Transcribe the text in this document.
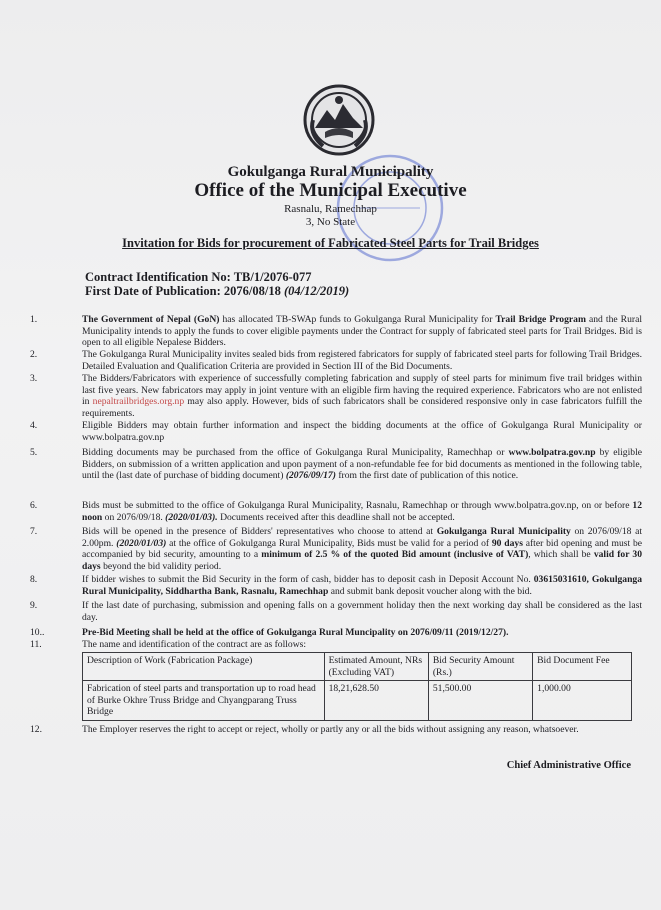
Gokulganga Rural Municipality
Office of the Municipal Executive
Rasnalu, Ramechhap
3, No State
Invitation for Bids for procurement of Fabricated Steel Parts for Trail Bridges
Contract Identification No: TB/1/2076-077
First Date of Publication: 2076/08/18 (04/12/2019)
1.	The Government of Nepal (GoN) has allocated TB-SWAp funds to Gokulganga Rural Municipality for Trail Bridge Program and the Rural Municipality intends to apply the funds to cover eligible payments under the Contract for supply of fabricated steel parts for Trail Bridges. Bid is open to all eligible Nepalese Bidders.
2.	The Gokulganga Rural Municipality invites sealed bids from registered fabricators for supply of fabricated steel parts for following Trail Bridges. Detailed Evaluation and Qualification Criteria are provided in Section III of the Bid Documents.
3.	The Bidders/Fabricators with experience of successfully completing fabrication and supply of steel parts for minimum five trail bridges within last five years. New fabricators may apply in joint venture with an eligible firm having the required experience. Fabricators who are not enlisted in nepaltrailbridges.org.np may also apply. However, bids of such fabricators shall be considered responsive only in case fabricators fulfill the requirements.
4.	Eligible Bidders may obtain further information and inspect the bidding documents at the office of Gokulganga Rural Municipality or www.bolpatra.gov.np
5.	Bidding documents may be purchased from the office of Gokulganga Rural Municipality, Ramechhap or www.bolpatra.gov.np by eligible Bidders, on submission of a written application and upon payment of a non-refundable fee for bid documents as mentioned in the following table, until the (last date of purchase of bidding document) (2076/09/17) from the first date of publication of this notice.
6.	Bids must be submitted to the office of Gokulganga Rural Municipality, Rasnalu, Ramechhap or through www.bolpatra.gov.np, on or before 12 noon on 2076/09/18. (2020/01/03). Documents received after this deadline shall not be accepted.
7.	Bids will be opened in the presence of Bidders' representatives who choose to attend at Gokulganga Rural Municipality on 2076/09/18 at 2.00pm. (2020/01/03) at the office of Gokulganga Rural Municipality, Bids must be valid for a period of 90 days after bid opening and must be accompanied by bid security, amounting to a minimum of 2.5 % of the quoted Bid amount (inclusive of VAT), which shall be valid for 30 days beyond the bid validity period.
8.	If bidder wishes to submit the Bid Security in the form of cash, bidder has to deposit cash in Deposit Account No. 03615031610, Gokulganga Rural Municipality, Siddhartha Bank, Rasnalu, Ramechhap and submit bank deposit voucher along with the bid.
9.	If the last date of purchasing, submission and opening falls on a government holiday then the next working day shall be considered as the last day.
10..	Pre-Bid Meeting shall be held at the office of Gokulganga Rural Muncipality on 2076/09/11 (2019/12/27).
11.	The name and identification of the contract are as follows:
Description of Work (Fabrication Package)	Estimated Amount, NRs (Excluding VAT)	Bid Security Amount (Rs.)	Bid Document Fee
Fabrication of steel parts and transportation up to road head of Burke Okhre Truss Bridge and Chyangparang Truss Bridge	18,21,628.50	51,500.00	1,000.00
12.	The Employer reserves the right to accept or reject, wholly or partly any or all the bids without assigning any reason, whatsoever.
Chief Administrative Office
